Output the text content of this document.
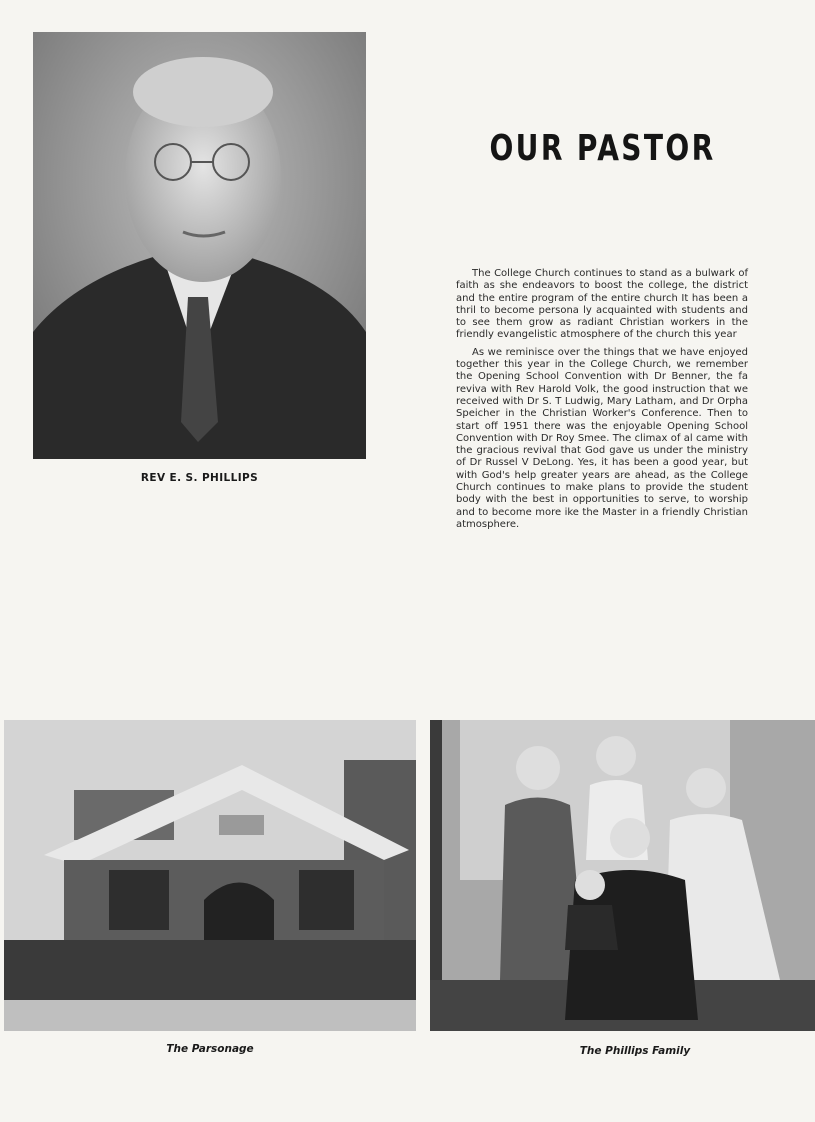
REV E. S. PHILLIPS
OUR PASTOR

The College Church continues to stand as a bulwark of faith as she endeavors to boost the college, the district and the entire program of the entire church It has been a thril to become persona ly acquainted with students and to see them grow as radiant Christian workers in the friendly evangelistic atmosphere of the church this year

As we reminisce over the things that we have enjoyed together this year in the College Church, we remember the Opening School Convention with Dr Benner, the fa reviva with Rev Harold Volk, the good instruction that we received with Dr S. T Ludwig, Mary Latham, and Dr Orpha Speicher in the Christian Worker's Conference. Then to start off 1951 there was the enjoyable Opening School Convention with Dr Roy Smee. The climax of al came with the gracious revival that God gave us under the ministry of Dr Russel V DeLong. Yes, it has been a good year, but with God's help greater years are ahead, as the College Church continues to make plans to provide the student body with the best in opportunities to serve, to worship and to become more ike the Master in a friendly Christian atmosphere.

The Parsonage	The Phillips Family
